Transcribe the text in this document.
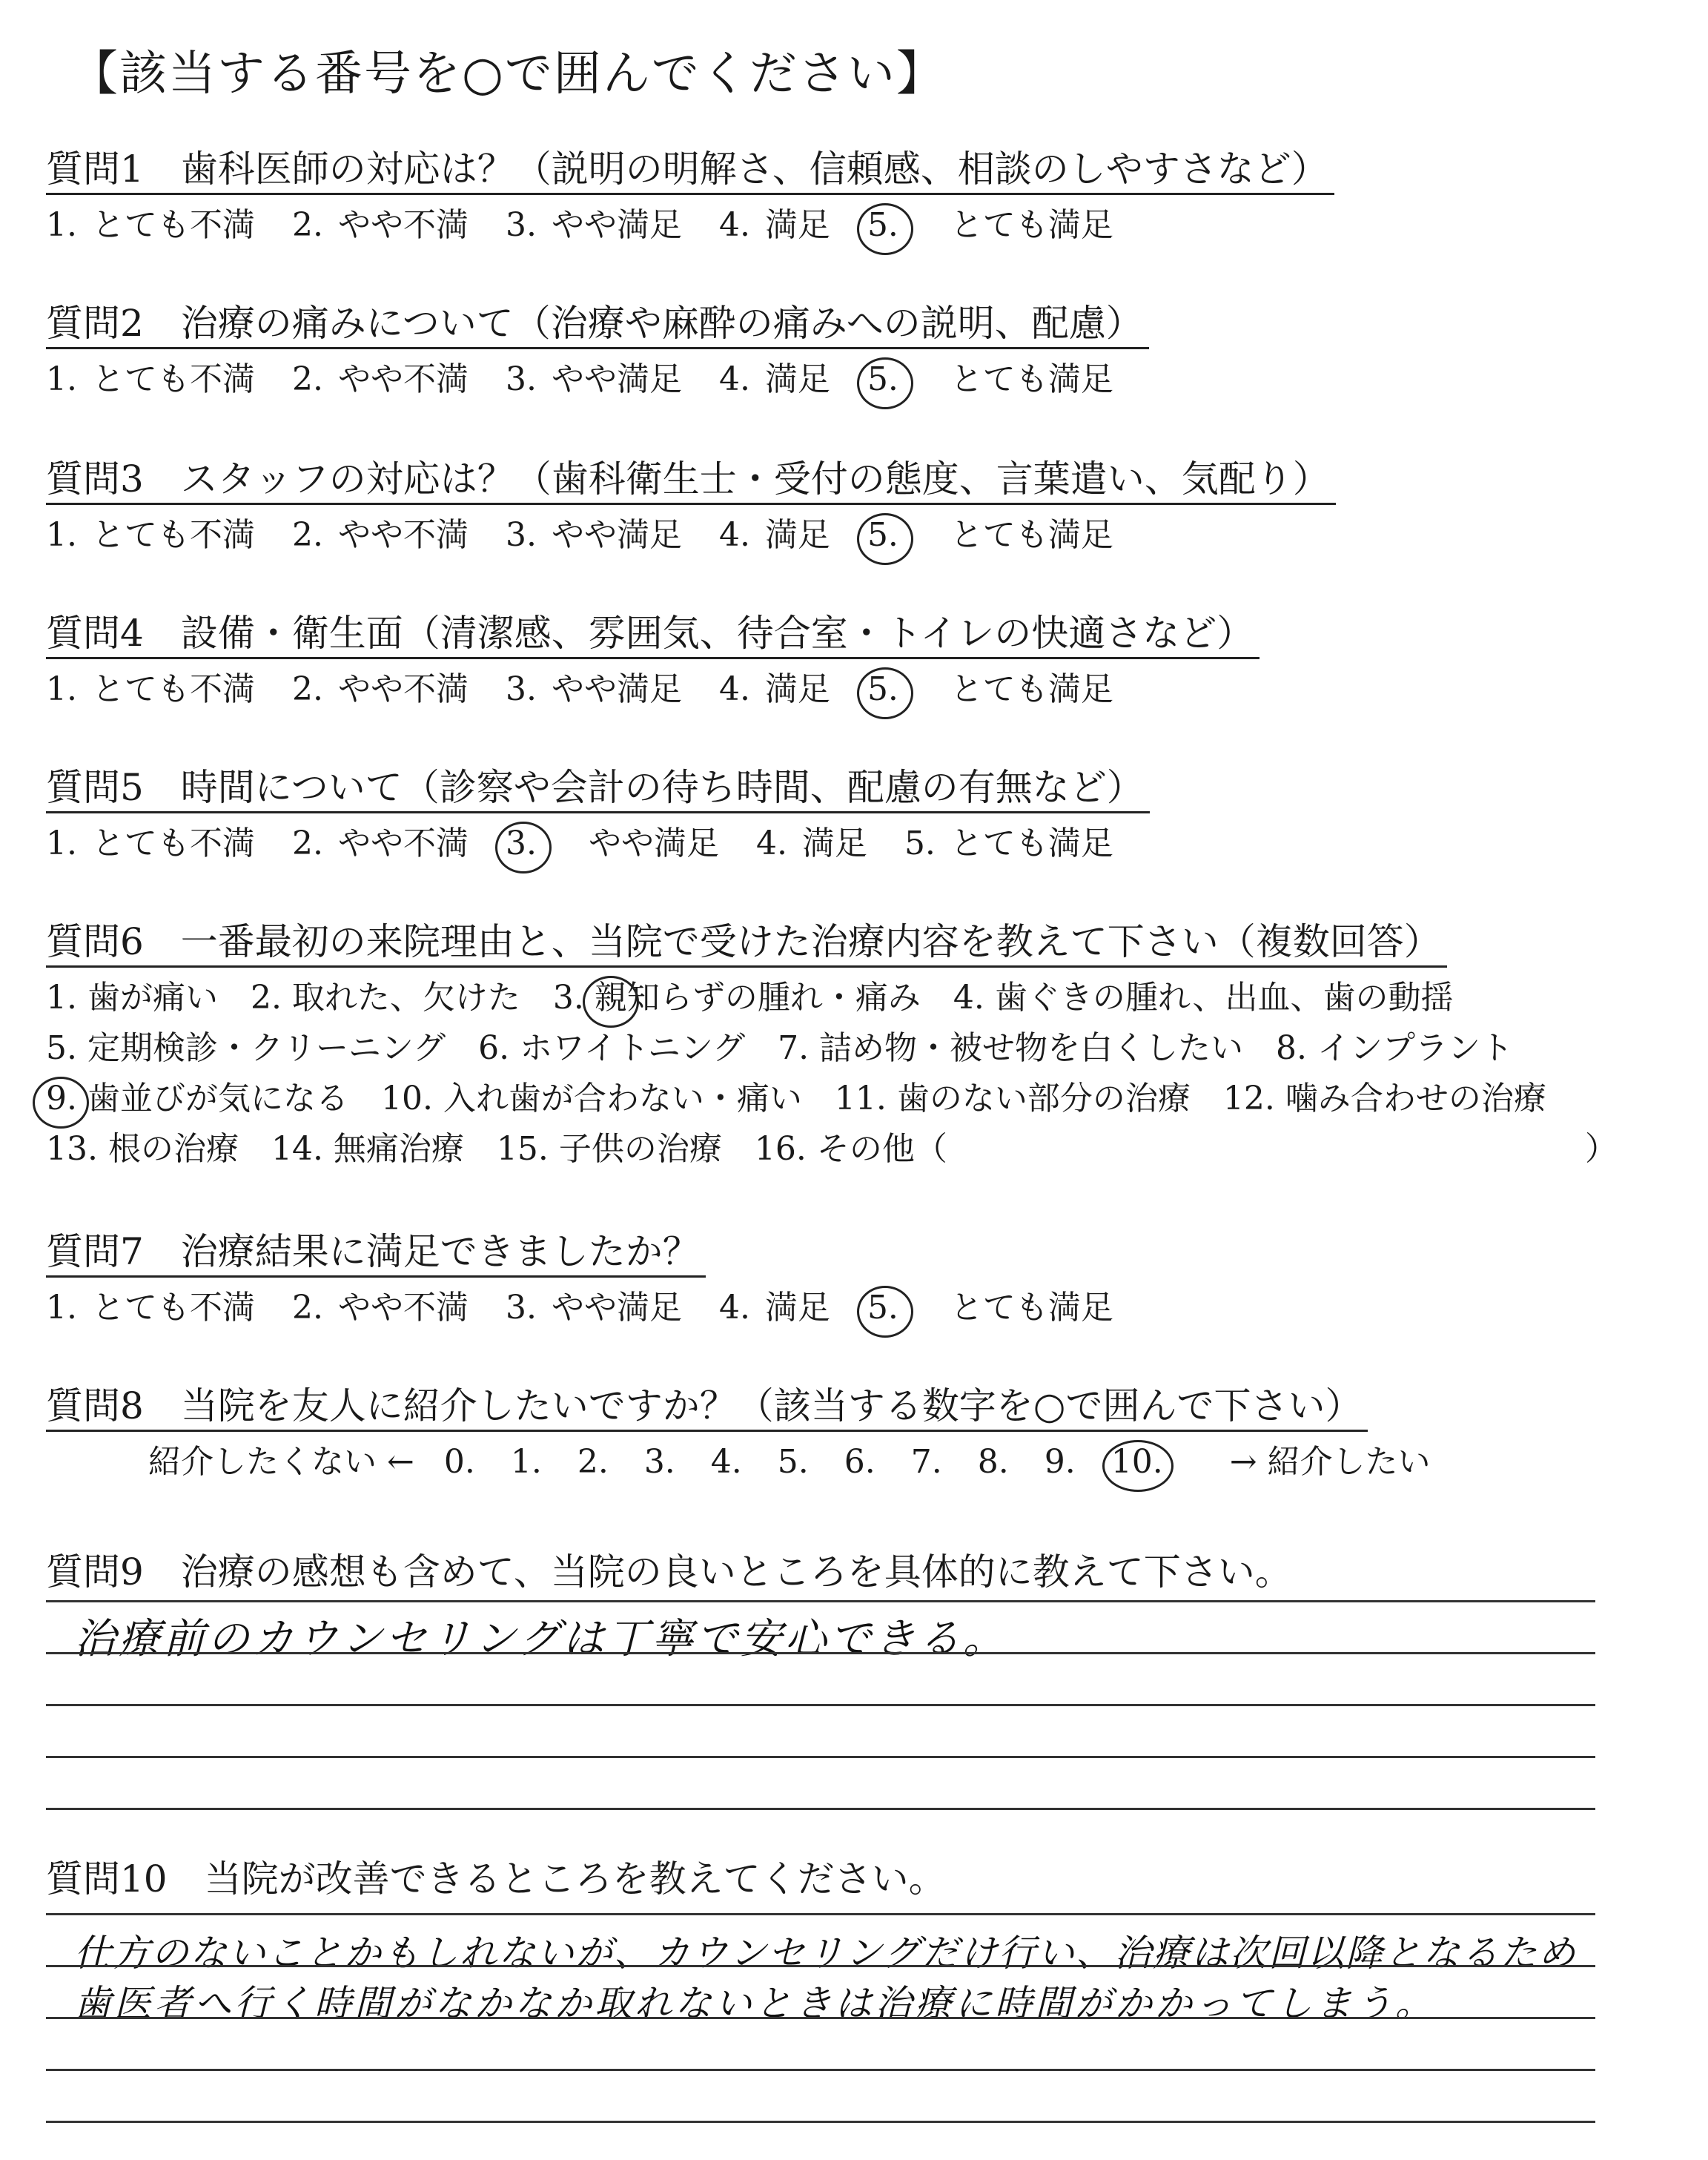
【該当する番号を○で囲んでください】
質問1　歯科医師の対応は？（説明の明解さ、信頼感、相談のしやすさなど）
1. とても不満 2. やや不満 3. やや満足 4. 満足 5. とても満足
質問2　治療の痛みについて（治療や麻酔の痛みへの説明、配慮）
1. とても不満 2. やや不満 3. やや満足 4. 満足 5. とても満足
質問3　スタッフの対応は？（歯科衛生士・受付の態度、言葉遣い、気配り）
1. とても不満 2. やや不満 3. やや満足 4. 満足 5. とても満足
質問4　設備・衛生面（清潔感、雰囲気、待合室・トイレの快適さなど）
1. とても不満 2. やや不満 3. やや満足 4. 満足 5. とても満足
質問5　時間について（診察や会計の待ち時間、配慮の有無など）
1. とても不満 2. やや不満 3. やや満足 4. 満足 5. とても満足
質問6　一番最初の来院理由と、当院で受けた治療内容を教えて下さい（複数回答）
1. 歯が痛い　2. 取れた、欠けた　3. 親知らずの腫れ・痛み　4. 歯ぐきの腫れ、出血、歯の動揺
5. 定期検診・クリーニング　6. ホワイトニング　7. 詰め物・被せ物を白くしたい　8. インプラント
9. 歯並びが気になる　10. 入れ歯が合わない・痛い　11. 歯のない部分の治療　12. 噛み合わせの治療
13. 根の治療　14. 無痛治療　15. 子供の治療　16. その他（	）
質問7　治療結果に満足できましたか？
1. とても不満 2. やや不満 3. やや満足 4. 満足 5. とても満足
質問8　当院を友人に紹介したいですか？（該当する数字を○で囲んで下さい）
紹介したくない ← 0. 1. 2. 3. 4. 5. 6. 7. 8. 9. 10. → 紹介したい
質問9　治療の感想も含めて、当院の良いところを具体的に教えて下さい。
治療前のカウンセリングは丁寧で安心できる。
質問10　当院が改善できるところを教えてください。
仕方のないことかもしれないが、カウンセリングだけ行い、治療は次回以降となるため
歯医者へ行く時間がなかなか取れないときは治療に時間がかかってしまう。
